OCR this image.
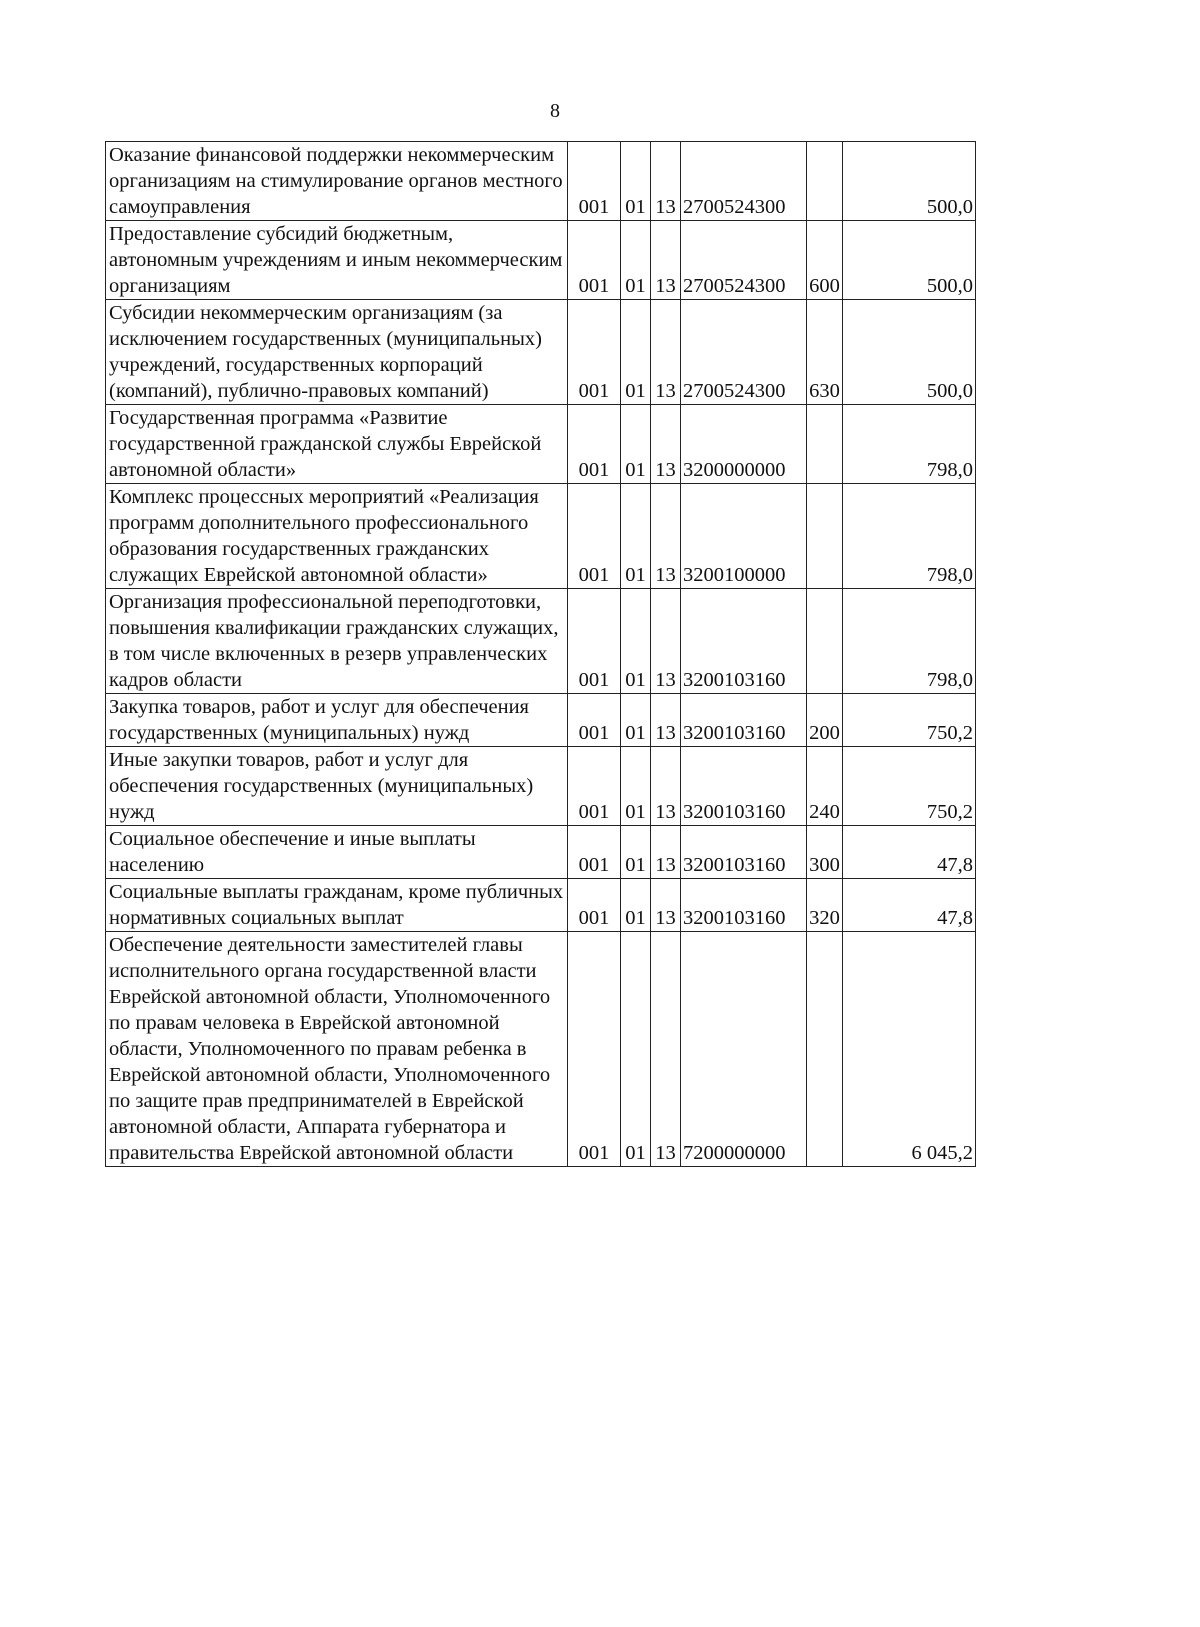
8
Оказание финансовой поддержки некоммерческим организациям на стимулирование органов местного самоуправления	001	01	13	2700524300		500,0
Предоставление субсидий бюджетным, автономным учреждениям и иным некоммерческим организациям	001	01	13	2700524300	600	500,0
Субсидии некоммерческим организациям (за исключением государственных (муниципальных) учреждений, государственных корпораций (компаний), публично-правовых компаний)	001	01	13	2700524300	630	500,0
Государственная программа «Развитие государственной гражданской службы Еврейской автономной области»	001	01	13	3200000000		798,0
Комплекс процессных мероприятий «Реализация программ дополнительного профессионального образования государственных гражданских служащих Еврейской автономной области»	001	01	13	3200100000		798,0
Организация профессиональной переподготовки, повышения квалификации гражданских служащих, в том числе включенных в резерв управленческих кадров области	001	01	13	3200103160		798,0
Закупка товаров, работ и услуг для обеспечения государственных (муниципальных) нужд	001	01	13	3200103160	200	750,2
Иные закупки товаров, работ и услуг для обеспечения государственных (муниципальных) нужд	001	01	13	3200103160	240	750,2
Социальное обеспечение и иные выплаты населению	001	01	13	3200103160	300	47,8
Социальные выплаты гражданам, кроме публичных нормативных социальных выплат	001	01	13	3200103160	320	47,8
Обеспечение деятельности заместителей главы исполнительного органа государственной власти Еврейской автономной области, Уполномоченного по правам человека в Еврейской автономной области, Уполномоченного по правам ребенка в Еврейской автономной области, Уполномоченного по защите прав предпринимателей в Еврейской автономной области, Аппарата губернатора и правительства Еврейской автономной области	001	01	13	7200000000		6 045,2
